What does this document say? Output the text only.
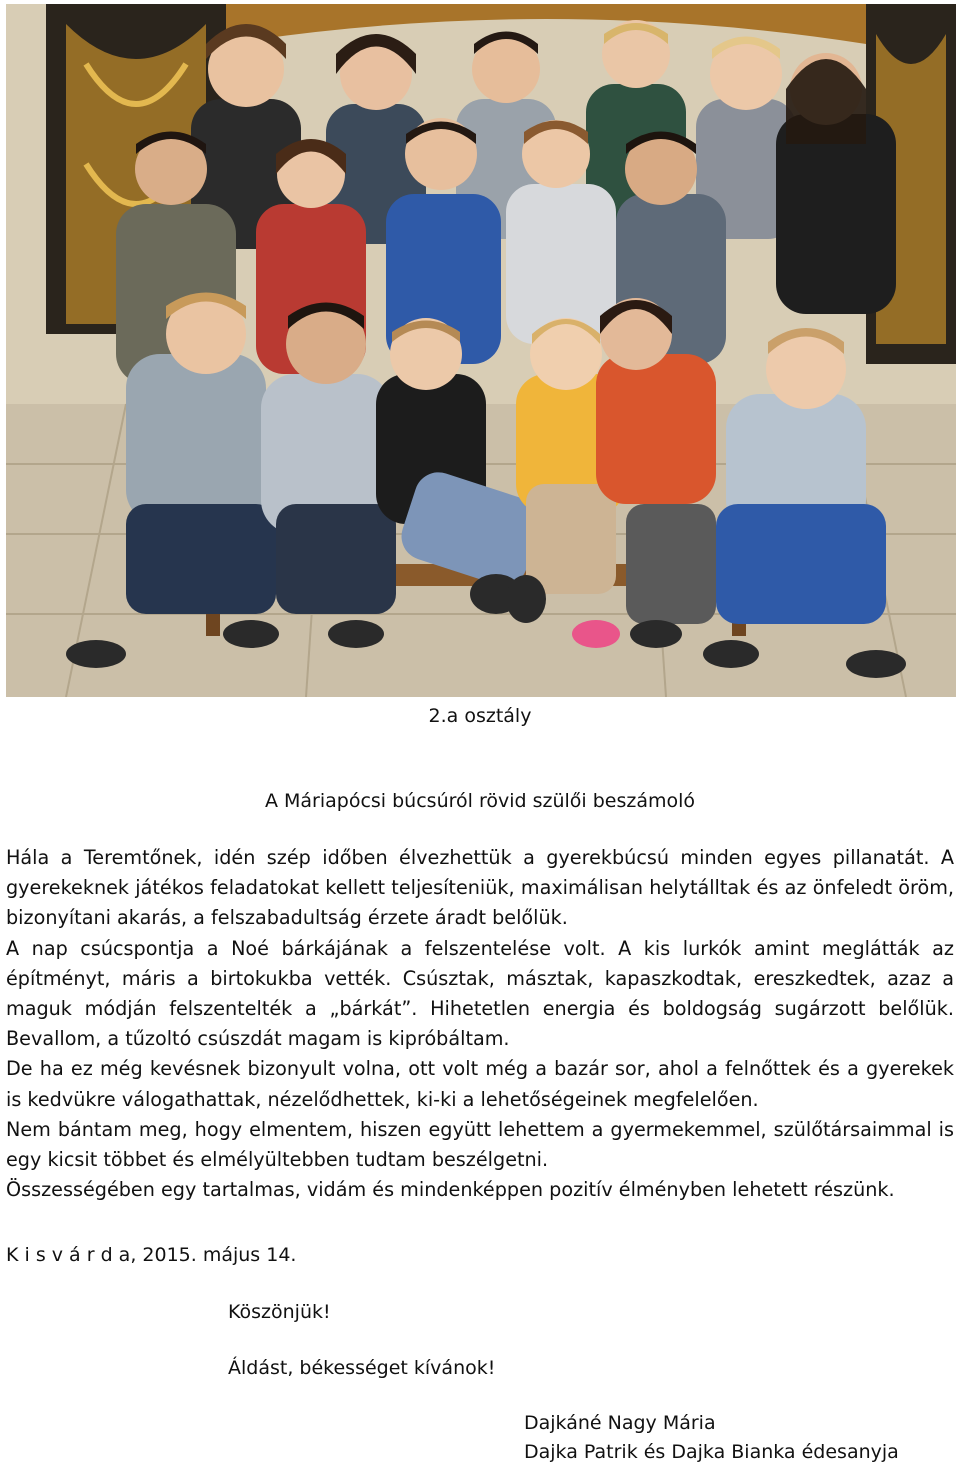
2.a osztály
A Máriapócsi búcsúról rövid szülői beszámoló

Hála a Teremtőnek, idén szép időben élvezhettük a gyerekbúcsú minden egyes pillanatát. A gyerekeknek játékos feladatokat kellett teljesíteniük, maximálisan helytálltak és az önfeledt öröm, bizonyítani akarás, a felszabadultság érzete áradt belőlük.

A nap csúcspontja a Noé bárkájának a felszentelése volt. A kis lurkók amint meglátták az építményt, máris a birtokukba vették. Csúsztak, másztak, kapaszkodtak, ereszkedtek, azaz a maguk módján felszentelték a „bárkát”. Hihetetlen energia és boldogság sugárzott belőlük. Bevallom, a tűzoltó csúszdát magam is kipróbáltam.

De ha ez még kevésnek bizonyult volna, ott volt még a bazár sor, ahol a felnőttek és a gyerekek is kedvükre válogathattak, nézelődhettek, ki-ki a lehetőségeinek megfelelően.

Nem bántam meg, hogy elmentem, hiszen együtt lehettem a gyermekemmel, szülőtársaimmal is egy kicsit többet és elmélyültebben tudtam beszélgetni.

Összességében egy tartalmas, vidám és mindenképpen pozitív élményben lehetett részünk.

K i s v á r d a, 2015. május 14.
Köszönjük!
Áldást, békességet kívánok!
Dajkáné Nagy Mária
Dajka Patrik és Dajka Bianka édesanyja
